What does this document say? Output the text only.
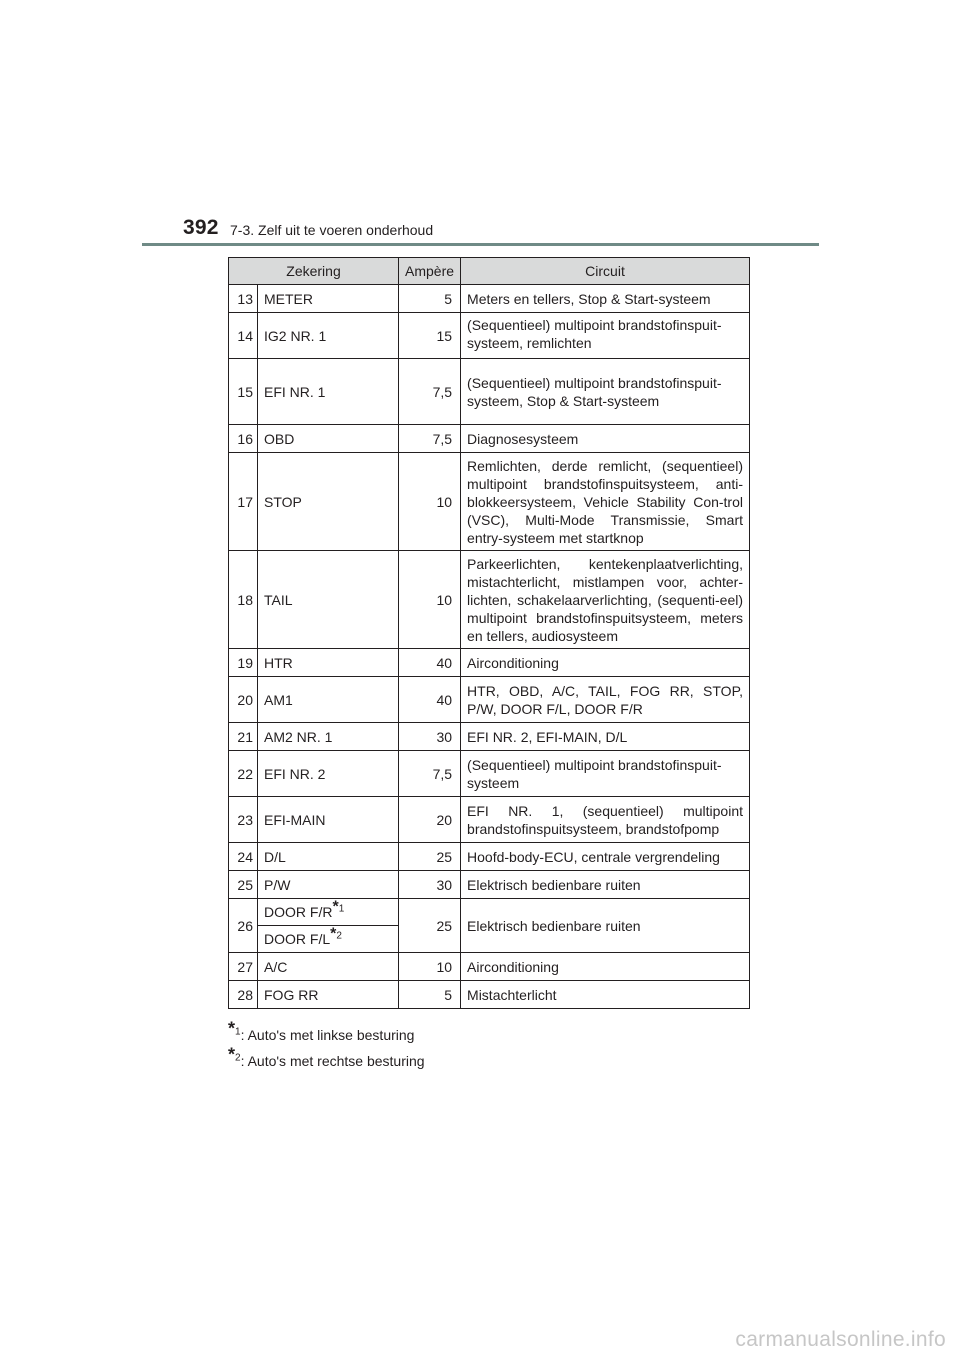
392 7-3. Zelf uit te voeren onderhoud
Zekering		Ampère	Circuit
13	METER	5	Meters en tellers, Stop & Start-systeem
14	IG2 NR. 1	15	(Sequentieel) multipoint brandstofinspuit-systeem, remlichten
15	EFI NR. 1	7,5	(Sequentieel) multipoint brandstofinspuit-systeem, Stop & Start-systeem
16	OBD	7,5	Diagnosesysteem
17	STOP	10	Remlichten, derde remlicht, (sequentieel) multipoint brandstofinspuitsysteem, anti-blokkeersysteem, Vehicle Stability Con-trol (VSC), Multi-Mode Transmissie, Smart entry-systeem met startknop
18	TAIL	10	Parkeerlichten, kentekenplaatverlichting, mistachterlicht, mistlampen voor, achter-lichten, schakelaarverlichting, (sequenti-eel) multipoint brandstofinspuitsysteem, meters en tellers, audiosysteem
19	HTR	40	Airconditioning
20	AM1	40	HTR, OBD, A/C, TAIL, FOG RR, STOP, P/W, DOOR F/L, DOOR F/R
21	AM2 NR. 1	30	EFI NR. 2, EFI-MAIN, D/L
22	EFI NR. 2	7,5	(Sequentieel) multipoint brandstofinspuit-systeem
23	EFI-MAIN	20	EFI NR. 1, (sequentieel) multipoint brandstofinspuitsysteem, brandstofpomp
24	D/L	25	Hoofd-body-ECU, centrale vergrendeling
25	P/W	30	Elektrisch bedienbare ruiten
26	DOOR F/R*$^1$	25	Elektrisch bedienbare ruiten
	DOOR F/L*$^2$
27	A/C	10	Airconditioning
28	FOG RR	5	Mistachterlicht
*$^1$: Auto's met linkse besturing
*$^2$: Auto's met rechtse besturing
carmanualsonline.info
